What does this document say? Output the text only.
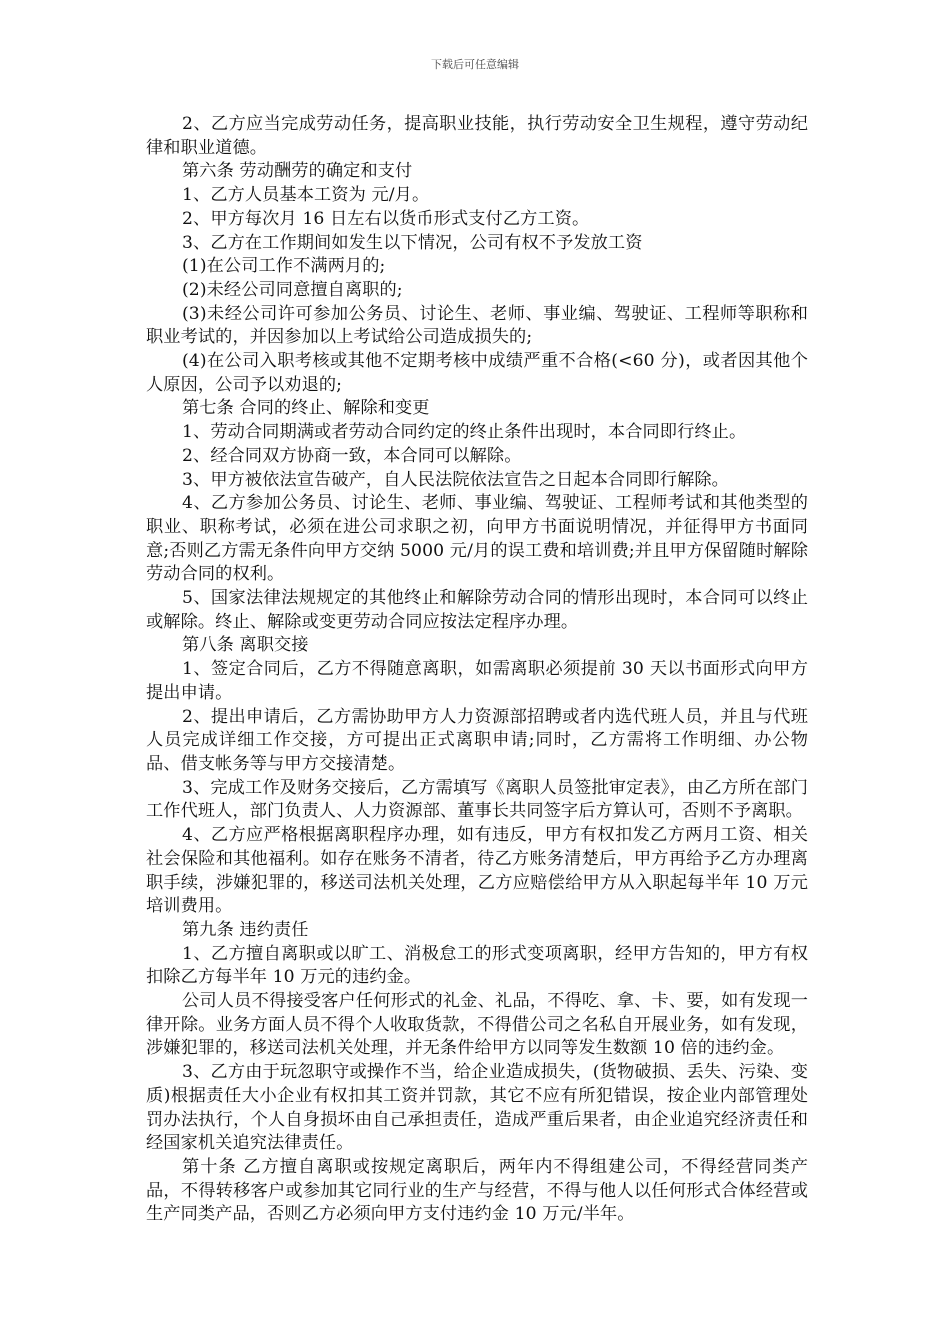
下载后可任意编辑

2、乙方应当完成劳动任务，提高职业技能，执行劳动安全卫生规程，遵守劳动纪律和职业道德。

第六条 劳动酬劳的确定和支付

1、乙方人员基本工资为 元/月。

2、甲方每次月 16 日左右以货币形式支付乙方工资。

3、乙方在工作期间如发生以下情况，公司有权不予发放工资

(1)在公司工作不满两月的;

(2)未经公司同意擅自离职的;

(3)未经公司许可参加公务员、讨论生、老师、事业编、驾驶证、工程师等职称和职业考试的，并因参加以上考试给公司造成损失的;

(4)在公司入职考核或其他不定期考核中成绩严重不合格(<60 分)，或者因其他个人原因，公司予以劝退的;

第七条 合同的终止、解除和变更

1、劳动合同期满或者劳动合同约定的终止条件出现时，本合同即行终止。

2、经合同双方协商一致，本合同可以解除。

3、甲方被依法宣告破产，自人民法院依法宣告之日起本合同即行解除。

4、乙方参加公务员、讨论生、老师、事业编、驾驶证、工程师考试和其他类型的职业、职称考试，必须在进公司求职之初，向甲方书面说明情况，并征得甲方书面同意;否则乙方需无条件向甲方交纳 5000 元/月的误工费和培训费;并且甲方保留随时解除劳动合同的权利。

5、国家法律法规规定的其他终止和解除劳动合同的情形出现时，本合同可以终止或解除。终止、解除或变更劳动合同应按法定程序办理。

第八条 离职交接

1、签定合同后，乙方不得随意离职，如需离职必须提前 30 天以书面形式向甲方提出申请。

2、提出申请后，乙方需协助甲方人力资源部招聘或者内选代班人员，并且与代班人员完成详细工作交接，方可提出正式离职申请;同时，乙方需将工作明细、办公物品、借支帐务等与甲方交接清楚。

3、完成工作及财务交接后，乙方需填写《离职人员签批审定表》，由乙方所在部门工作代班人，部门负责人、人力资源部、董事长共同签字后方算认可，否则不予离职。

4、乙方应严格根据离职程序办理，如有违反，甲方有权扣发乙方两月工资、相关社会保险和其他福利。如存在账务不清者，待乙方账务清楚后，甲方再给予乙方办理离职手续，涉嫌犯罪的，移送司法机关处理，乙方应赔偿给甲方从入职起每半年 10 万元培训费用。

第九条 违约责任

1、乙方擅自离职或以旷工、消极怠工的形式变项离职，经甲方告知的，甲方有权扣除乙方每半年 10 万元的违约金。

公司人员不得接受客户任何形式的礼金、礼品，不得吃、拿、卡、要，如有发现一律开除。业务方面人员不得个人收取货款，不得借公司之名私自开展业务，如有发现，涉嫌犯罪的，移送司法机关处理，并无条件给甲方以同等发生数额 10 倍的违约金。

3、乙方由于玩忽职守或操作不当，给企业造成损失，(货物破损、丢失、污染、变质)根据责任大小企业有权扣其工资并罚款，其它不应有所犯错误，按企业内部管理处罚办法执行，个人自身损坏由自己承担责任，造成严重后果者，由企业追究经济责任和经国家机关追究法律责任。

第十条 乙方擅自离职或按规定离职后，两年内不得组建公司，不得经营同类产品，不得转移客户或参加其它同行业的生产与经营，不得与他人以任何形式合体经营或生产同类产品，否则乙方必须向甲方支付违约金 10 万元/半年。
